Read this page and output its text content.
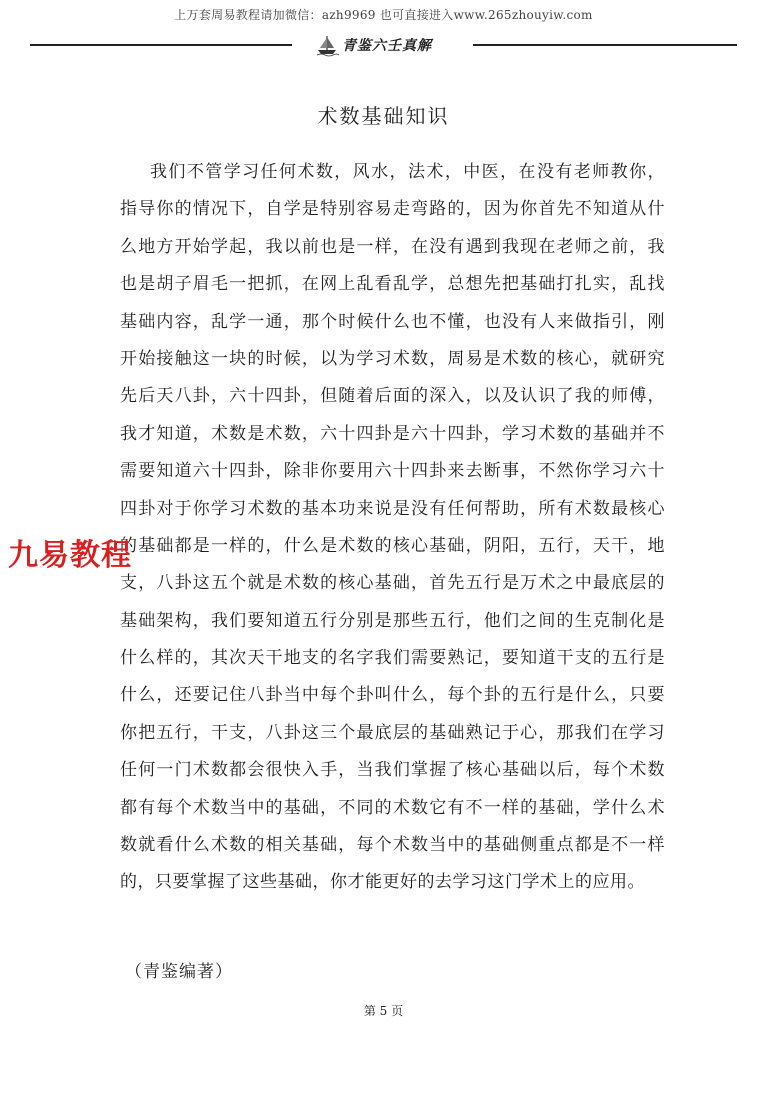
上万套周易教程请加微信：azh9969 也可直接进入www.265zhouyiw.com
青鉴六壬真解
术数基础知识
我们不管学习任何术数，风水，法术，中医，在没有老师教你，
指导你的情况下，自学是特别容易走弯路的，因为你首先不知道从什
么地方开始学起，我以前也是一样，在没有遇到我现在老师之前，我
也是胡子眉毛一把抓，在网上乱看乱学，总想先把基础打扎实，乱找
基础内容，乱学一通，那个时候什么也不懂，也没有人来做指引，刚
开始接触这一块的时候，以为学习术数，周易是术数的核心，就研究
先后天八卦，六十四卦，但随着后面的深入，以及认识了我的师傅，
我才知道，术数是术数，六十四卦是六十四卦，学习术数的基础并不
需要知道六十四卦，除非你要用六十四卦来去断事，不然你学习六十
四卦对于你学习术数的基本功来说是没有任何帮助，所有术数最核心
的基础都是一样的，什么是术数的核心基础，阴阳，五行，天干，地
支，八卦这五个就是术数的核心基础，首先五行是万术之中最底层的
基础架构，我们要知道五行分别是那些五行，他们之间的生克制化是
什么样的，其次天干地支的名字我们需要熟记，要知道干支的五行是
什么，还要记住八卦当中每个卦叫什么，每个卦的五行是什么，只要
你把五行，干支，八卦这三个最底层的基础熟记于心，那我们在学习
任何一门术数都会很快入手，当我们掌握了核心基础以后，每个术数
都有每个术数当中的基础，不同的术数它有不一样的基础，学什么术
数就看什么术数的相关基础，每个术数当中的基础侧重点都是不一样
的，只要掌握了这些基础，你才能更好的去学习这门学术上的应用。
（青鉴编著）
九易教程
第 5 页
